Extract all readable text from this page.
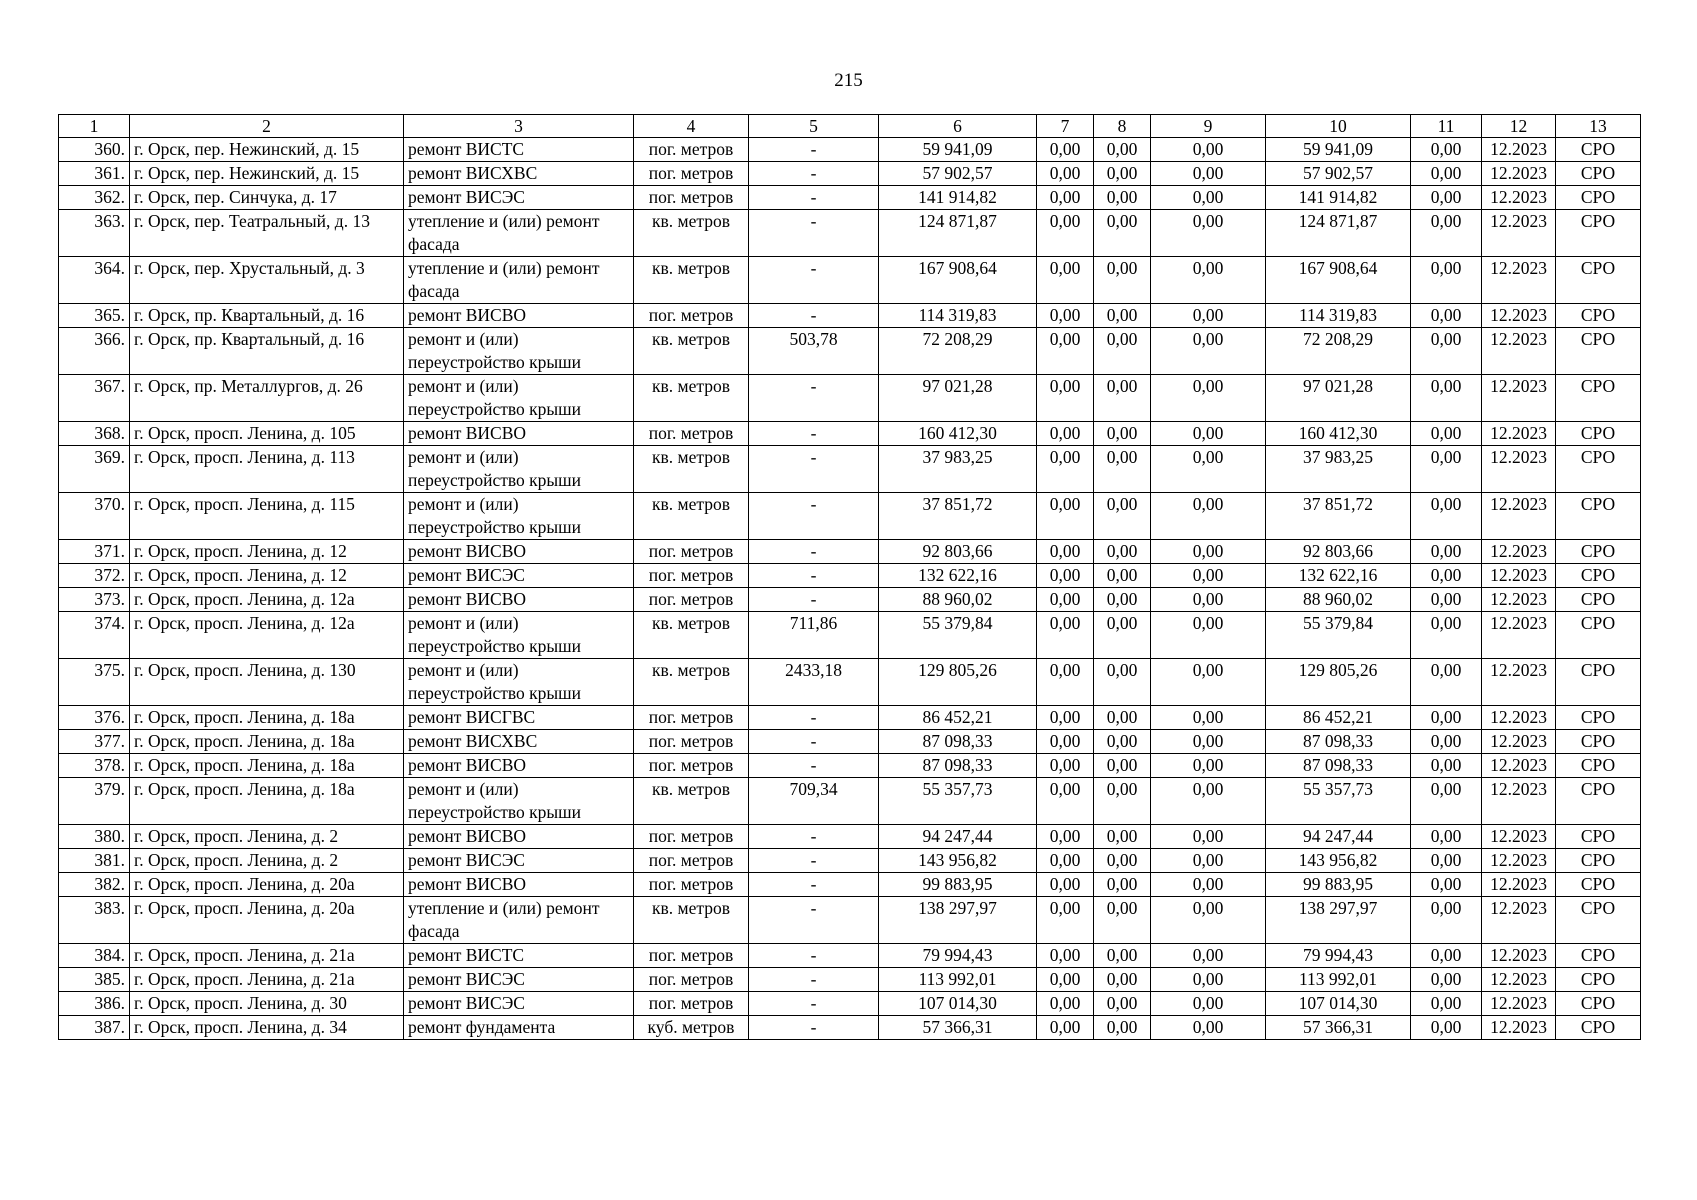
215
1	2	3	4	5	6	7	8	9	10	11	12	13
360.	г. Орск, пер. Нежинский, д. 15	ремонт ВИСТС	пог. метров	-	59 941,09	0,00	0,00	0,00	59 941,09	0,00	12.2023	СРО
361.	г. Орск, пер. Нежинский, д. 15	ремонт ВИСХВС	пог. метров	-	57 902,57	0,00	0,00	0,00	57 902,57	0,00	12.2023	СРО
362.	г. Орск, пер. Синчука, д. 17	ремонт ВИСЭС	пог. метров	-	141 914,82	0,00	0,00	0,00	141 914,82	0,00	12.2023	СРО
363.	г. Орск, пер. Театральный, д. 13	утепление и (или) ремонт фасада	кв. метров	-	124 871,87	0,00	0,00	0,00	124 871,87	0,00	12.2023	СРО
364.	г. Орск, пер. Хрустальный, д. 3	утепление и (или) ремонт фасада	кв. метров	-	167 908,64	0,00	0,00	0,00	167 908,64	0,00	12.2023	СРО
365.	г. Орск, пр. Квартальный, д. 16	ремонт ВИСВО	пог. метров	-	114 319,83	0,00	0,00	0,00	114 319,83	0,00	12.2023	СРО
366.	г. Орск, пр. Квартальный, д. 16	ремонт и (или) переустройство крыши	кв. метров	503,78	72 208,29	0,00	0,00	0,00	72 208,29	0,00	12.2023	СРО
367.	г. Орск, пр. Металлургов, д. 26	ремонт и (или) переустройство крыши	кв. метров	-	97 021,28	0,00	0,00	0,00	97 021,28	0,00	12.2023	СРО
368.	г. Орск, просп. Ленина, д. 105	ремонт ВИСВО	пог. метров	-	160 412,30	0,00	0,00	0,00	160 412,30	0,00	12.2023	СРО
369.	г. Орск, просп. Ленина, д. 113	ремонт и (или) переустройство крыши	кв. метров	-	37 983,25	0,00	0,00	0,00	37 983,25	0,00	12.2023	СРО
370.	г. Орск, просп. Ленина, д. 115	ремонт и (или) переустройство крыши	кв. метров	-	37 851,72	0,00	0,00	0,00	37 851,72	0,00	12.2023	СРО
371.	г. Орск, просп. Ленина, д. 12	ремонт ВИСВО	пог. метров	-	92 803,66	0,00	0,00	0,00	92 803,66	0,00	12.2023	СРО
372.	г. Орск, просп. Ленина, д. 12	ремонт ВИСЭС	пог. метров	-	132 622,16	0,00	0,00	0,00	132 622,16	0,00	12.2023	СРО
373.	г. Орск, просп. Ленина, д. 12а	ремонт ВИСВО	пог. метров	-	88 960,02	0,00	0,00	0,00	88 960,02	0,00	12.2023	СРО
374.	г. Орск, просп. Ленина, д. 12а	ремонт и (или) переустройство крыши	кв. метров	711,86	55 379,84	0,00	0,00	0,00	55 379,84	0,00	12.2023	СРО
375.	г. Орск, просп. Ленина, д. 130	ремонт и (или) переустройство крыши	кв. метров	2433,18	129 805,26	0,00	0,00	0,00	129 805,26	0,00	12.2023	СРО
376.	г. Орск, просп. Ленина, д. 18а	ремонт ВИСГВС	пог. метров	-	86 452,21	0,00	0,00	0,00	86 452,21	0,00	12.2023	СРО
377.	г. Орск, просп. Ленина, д. 18а	ремонт ВИСХВС	пог. метров	-	87 098,33	0,00	0,00	0,00	87 098,33	0,00	12.2023	СРО
378.	г. Орск, просп. Ленина, д. 18а	ремонт ВИСВО	пог. метров	-	87 098,33	0,00	0,00	0,00	87 098,33	0,00	12.2023	СРО
379.	г. Орск, просп. Ленина, д. 18а	ремонт и (или) переустройство крыши	кв. метров	709,34	55 357,73	0,00	0,00	0,00	55 357,73	0,00	12.2023	СРО
380.	г. Орск, просп. Ленина, д. 2	ремонт ВИСВО	пог. метров	-	94 247,44	0,00	0,00	0,00	94 247,44	0,00	12.2023	СРО
381.	г. Орск, просп. Ленина, д. 2	ремонт ВИСЭС	пог. метров	-	143 956,82	0,00	0,00	0,00	143 956,82	0,00	12.2023	СРО
382.	г. Орск, просп. Ленина, д. 20а	ремонт ВИСВО	пог. метров	-	99 883,95	0,00	0,00	0,00	99 883,95	0,00	12.2023	СРО
383.	г. Орск, просп. Ленина, д. 20а	утепление и (или) ремонт фасада	кв. метров	-	138 297,97	0,00	0,00	0,00	138 297,97	0,00	12.2023	СРО
384.	г. Орск, просп. Ленина, д. 21а	ремонт ВИСТС	пог. метров	-	79 994,43	0,00	0,00	0,00	79 994,43	0,00	12.2023	СРО
385.	г. Орск, просп. Ленина, д. 21а	ремонт ВИСЭС	пог. метров	-	113 992,01	0,00	0,00	0,00	113 992,01	0,00	12.2023	СРО
386.	г. Орск, просп. Ленина, д. 30	ремонт ВИСЭС	пог. метров	-	107 014,30	0,00	0,00	0,00	107 014,30	0,00	12.2023	СРО
387.	г. Орск, просп. Ленина, д. 34	ремонт фундамента	куб. метров	-	57 366,31	0,00	0,00	0,00	57 366,31	0,00	12.2023	СРО
